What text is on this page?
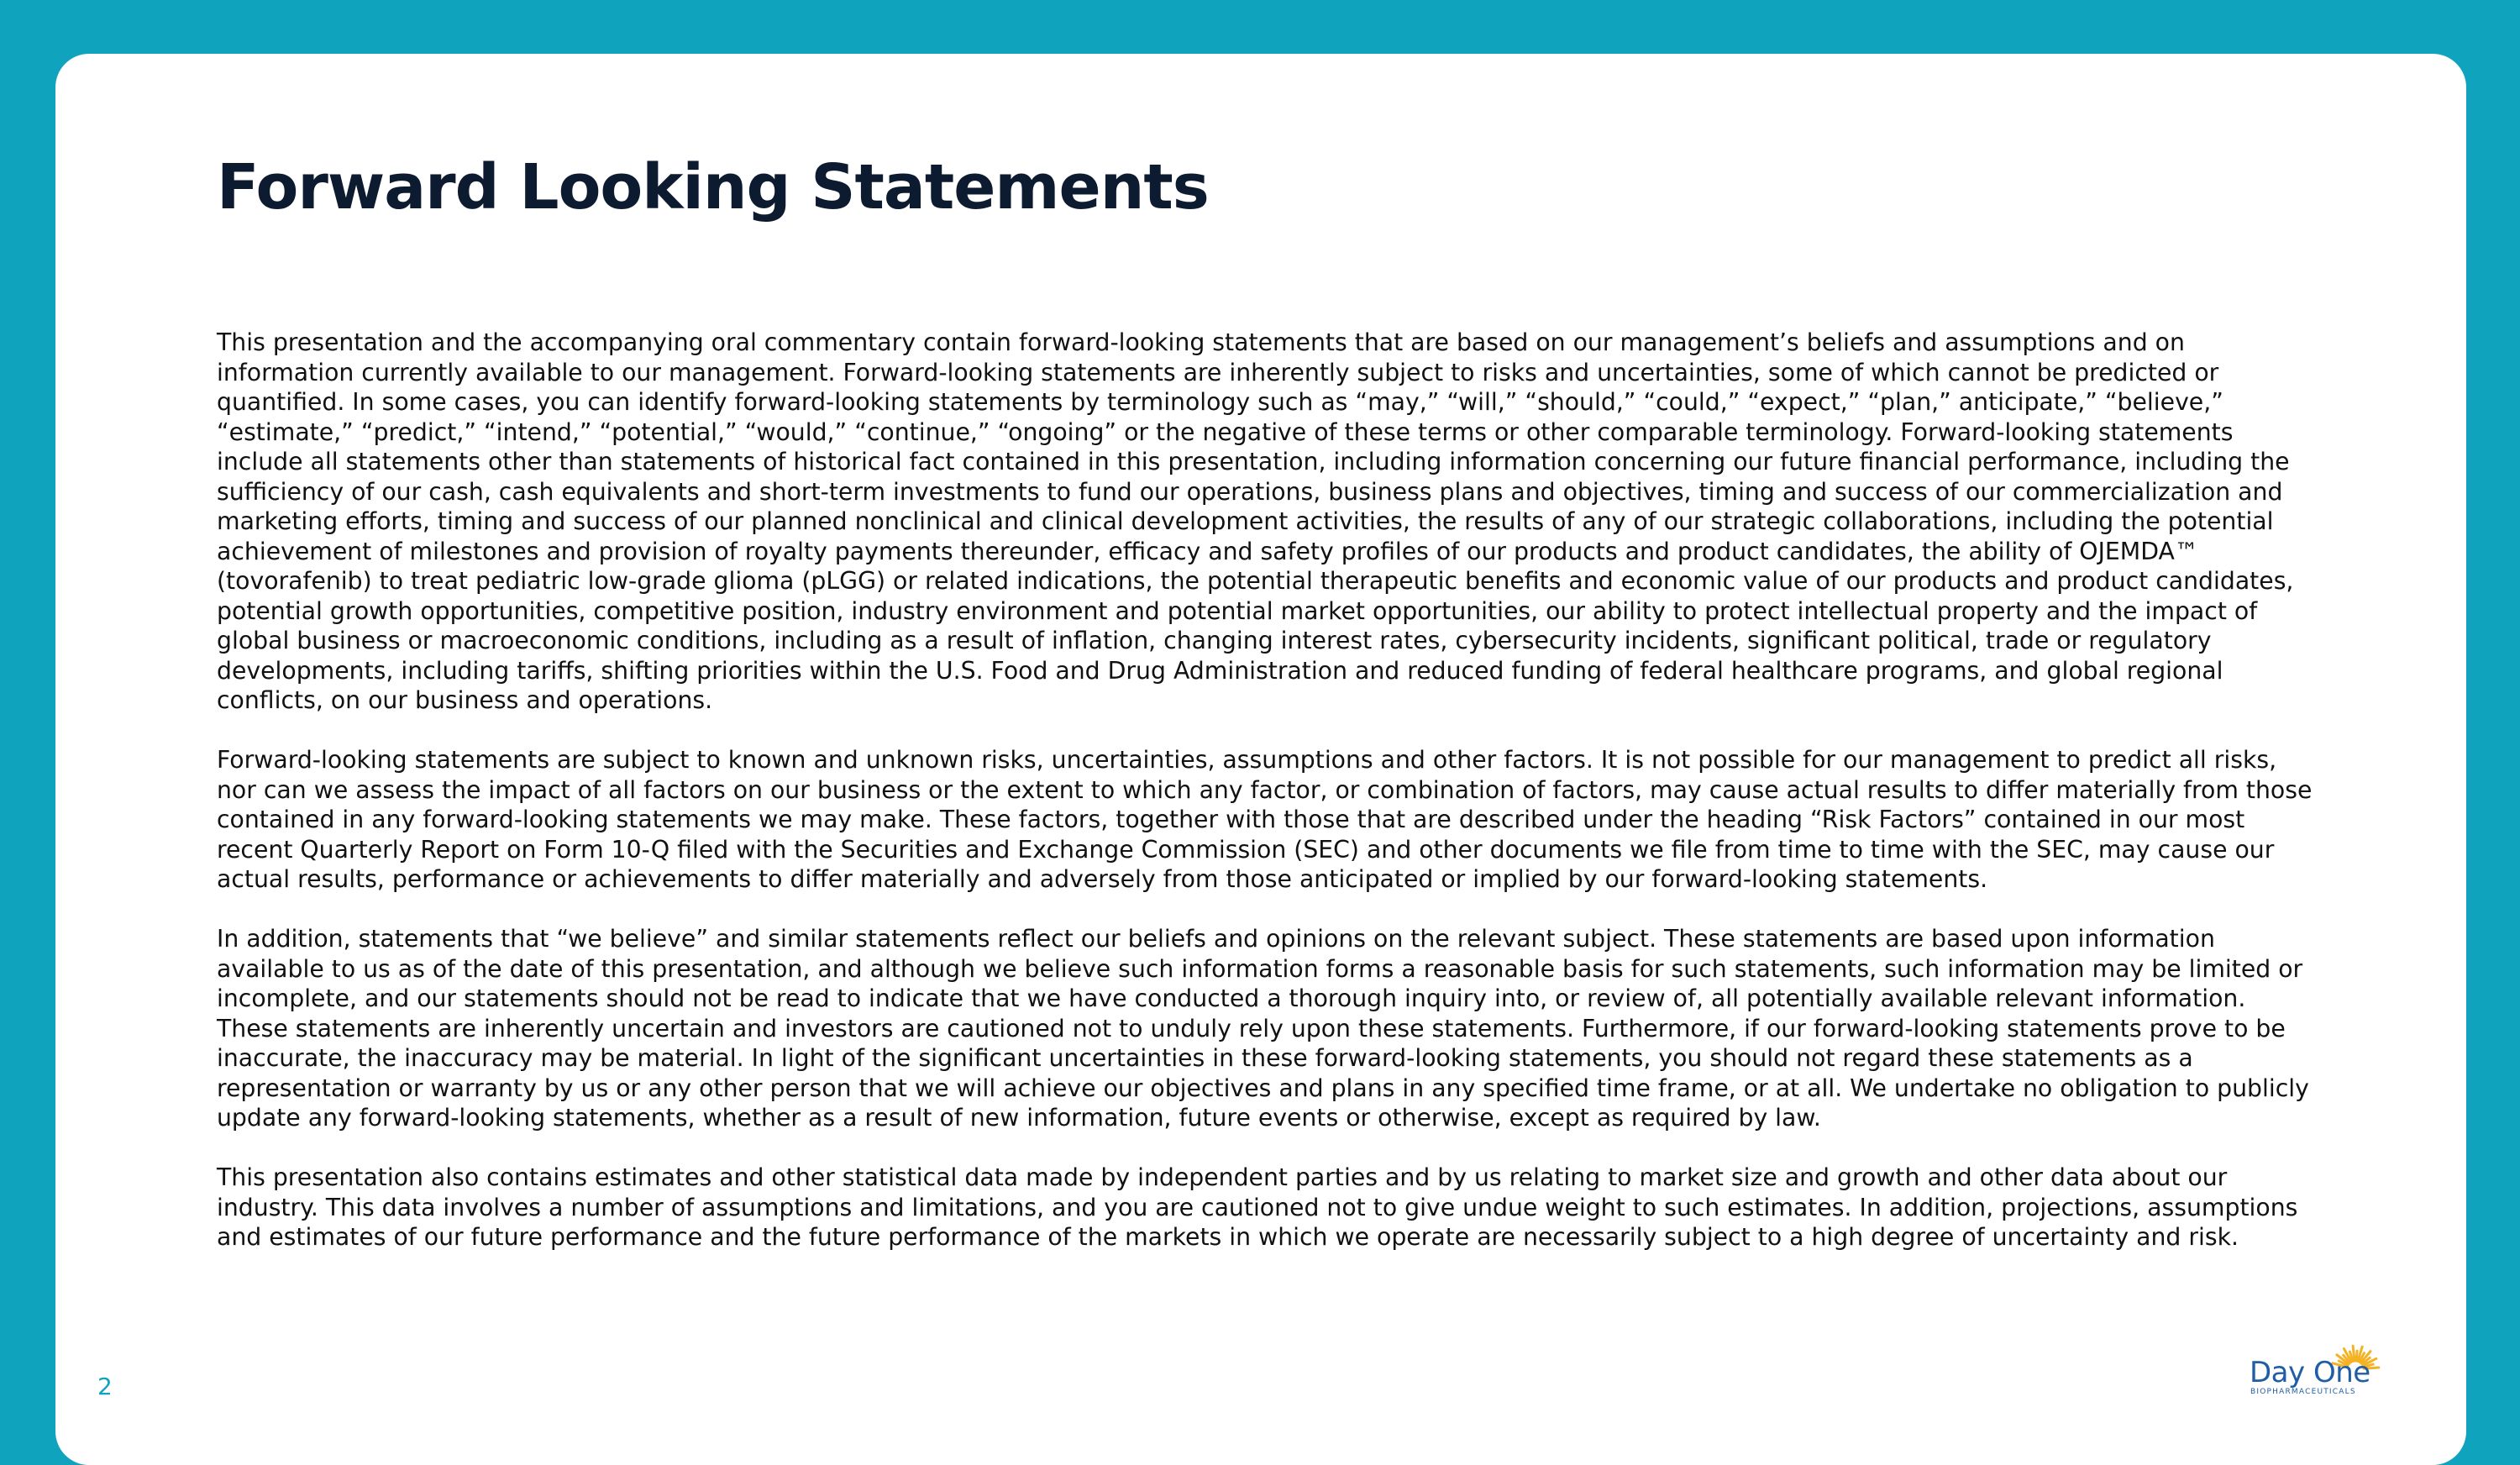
Forward Looking Statements

This presentation and the accompanying oral commentary contain forward-looking statements that are based on our management’s beliefs and assumptions and on information currently available to our management. Forward-looking statements are inherently subject to risks and uncertainties, some of which cannot be predicted or quantified. In some cases, you can identify forward-looking statements by terminology such as “may,” “will,” “should,” “could,” “expect,” “plan,” anticipate,” “believe,” “estimate,” “predict,” “intend,” “potential,” “would,” “continue,” “ongoing” or the negative of these terms or other comparable terminology. Forward-looking statements include all statements other than statements of historical fact contained in this presentation, including information concerning our future financial performance, including the sufficiency of our cash, cash equivalents and short-term investments to fund our operations, business plans and objectives, timing and success of our commercialization and marketing efforts, timing and success of our planned nonclinical and clinical development activities, the results of any of our strategic collaborations, including the potential achievement of milestones and provision of royalty payments thereunder, efficacy and safety profiles of our products and product candidates, the ability of OJEMDA™ (tovorafenib) to treat pediatric low-grade glioma (pLGG) or related indications, the potential therapeutic benefits and economic value of our products and product candidates, potential growth opportunities, competitive position, industry environment and potential market opportunities, our ability to protect intellectual property and the impact of global business or macroeconomic conditions, including as a result of inflation, changing interest rates, cybersecurity incidents, significant political, trade or regulatory developments, including tariffs, shifting priorities within the U.S. Food and Drug Administration and reduced funding of federal healthcare programs, and global regional conflicts, on our business and operations.

Forward-looking statements are subject to known and unknown risks, uncertainties, assumptions and other factors. It is not possible for our management to predict all risks, nor can we assess the impact of all factors on our business or the extent to which any factor, or combination of factors, may cause actual results to differ materially from those contained in any forward-looking statements we may make. These factors, together with those that are described under the heading “Risk Factors” contained in our most recent Quarterly Report on Form 10-Q filed with the Securities and Exchange Commission (SEC) and other documents we file from time to time with the SEC, may cause our actual results, performance or achievements to differ materially and adversely from those anticipated or implied by our forward-looking statements.

In addition, statements that “we believe” and similar statements reflect our beliefs and opinions on the relevant subject. These statements are based upon information available to us as of the date of this presentation, and although we believe such information forms a reasonable basis for such statements, such information may be limited or incomplete, and our statements should not be read to indicate that we have conducted a thorough inquiry into, or review of, all potentially available relevant information. These statements are inherently uncertain and investors are cautioned not to unduly rely upon these statements. Furthermore, if our forward-looking statements prove to be inaccurate, the inaccuracy may be material. In light of the significant uncertainties in these forward-looking statements, you should not regard these statements as a representation or warranty by us or any other person that we will achieve our objectives and plans in any specified time frame, or at all. We undertake no obligation to publicly update any forward-looking statements, whether as a result of new information, future events or otherwise, except as required by law.

This presentation also contains estimates and other statistical data made by independent parties and by us relating to market size and growth and other data about our industry. This data involves a number of assumptions and limitations, and you are cautioned not to give undue weight to such estimates. In addition, projections, assumptions and estimates of our future performance and the future performance of the markets in which we operate are necessarily subject to a high degree of uncertainty and risk.

2	Day One
BIOPHARMACEUTICALS
